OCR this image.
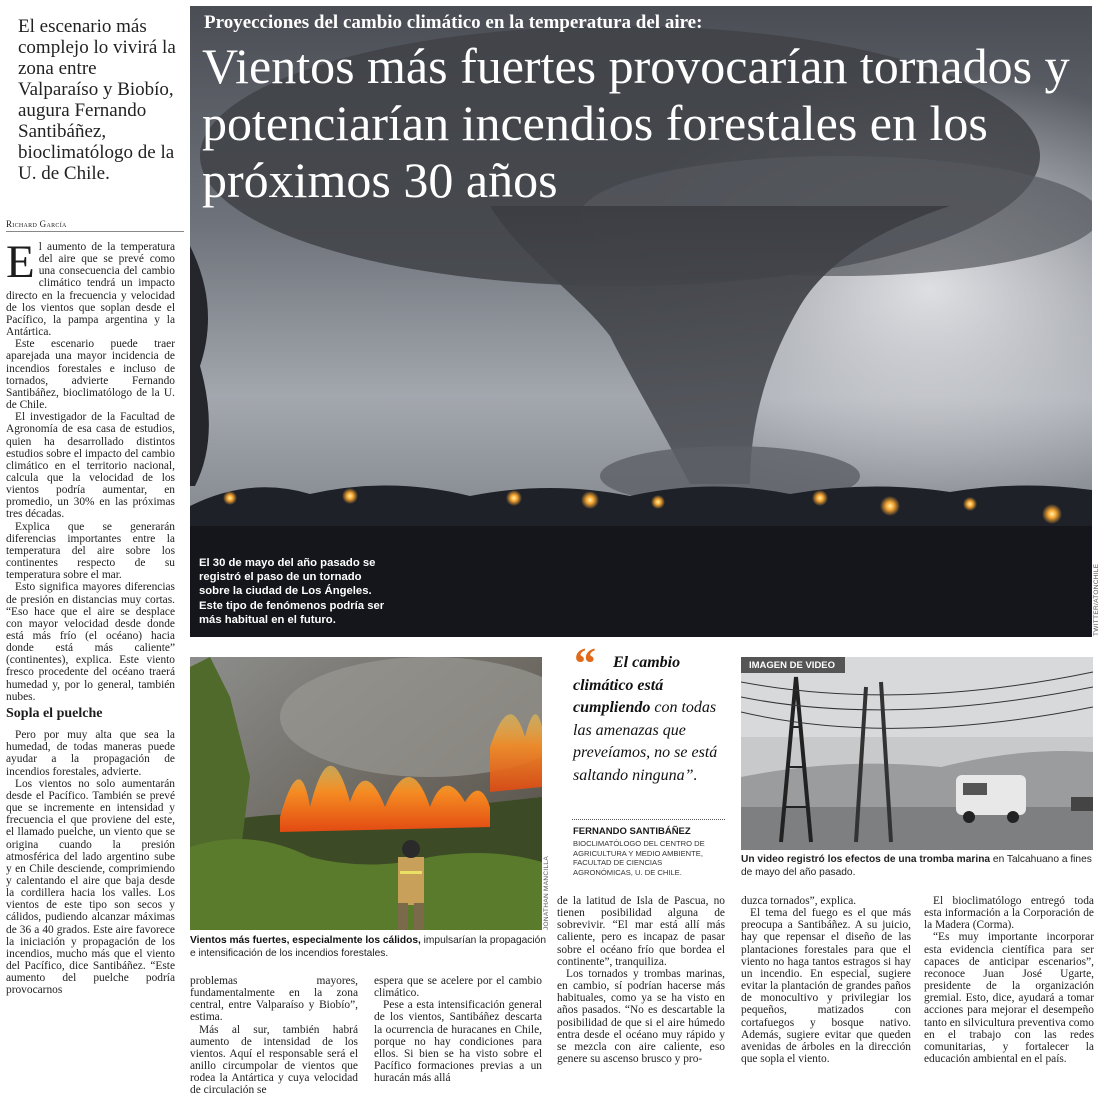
El escenario más complejo lo vivirá la zona entre Valparaíso y Biobío, augura Fernando Santibáñez, bioclimatólogo de la U. de Chile.
Richard García

El aumento de la temperatura del aire que se prevé como una consecuencia del cambio climático tendrá un impacto directo en la frecuencia y velocidad de los vientos que soplan desde el Pacífico, la pampa argentina y la Antártica.

Este escenario puede traer aparejada una mayor incidencia de incendios forestales e incluso de tornados, advierte Fernando Santibáñez, bioclimatólogo de la U. de Chile.

El investigador de la Facultad de Agronomía de esa casa de estudios, quien ha desarrollado distintos estudios sobre el impacto del cambio climático en el territorio nacional, calcula que la velocidad de los vientos podría aumentar, en promedio, un 30% en las próximas tres décadas.

Explica que se generarán diferencias importantes entre la temperatura del aire sobre los continentes respecto de su temperatura sobre el mar.

Esto significa mayores diferencias de presión en distancias muy cortas. “Eso hace que el aire se desplace con mayor velocidad desde donde está más frío (el océano) hacia donde está más caliente” (continentes), explica. Este viento fresco procedente del océano traerá humedad y, por lo general, también nubes.

Sopla el puelche

Pero por muy alta que sea la humedad, de todas maneras puede ayudar a la propagación de incendios forestales, advierte.

Los vientos no solo aumentarán desde el Pacífico. También se prevé que se incremente en intensidad y frecuencia el que proviene del este, el llamado puelche, un viento que se origina cuando la presión atmosférica del lado argentino sube y en Chile desciende, comprimiendo y calentando el aire que baja desde la cordillera hacia los valles. Los vientos de este tipo son secos y cálidos, pudiendo alcanzar máximas de 36 a 40 grados. Este aire favorece la iniciación y propagación de los incendios, mucho más que el viento del Pacífico, dice Santibáñez. “Este aumento del puelche podría provocarnos

Proyecciones del cambio climático en la temperatura del aire:
Vientos más fuertes provocarían tornados y potenciarían incendios forestales en los próximos 30 años
El 30 de mayo del año pasado se registró el paso de un tornado sobre la ciudad de Los Ángeles. Este tipo de fenómenos podría ser más habitual en el futuro.	TWITTER/ATONCHILE
JONATHAN MANCILLA
Vientos más fuertes, especialmente los cálidos, impulsarían la propagación e intensificación de los incendios forestales.
“	El cambio climático está cumpliendo con todas las amenazas que preveíamos, no se está saltando ninguna”.
FERNANDO SANTIBÁÑEZ
BIOCLIMATÓLOGO DEL CENTRO DE AGRICULTURA Y MEDIO AMBIENTE, FACULTAD DE CIENCIAS AGRONÓMICAS, U. DE CHILE.
IMAGEN DE VIDEO
Un video registró los efectos de una tromba marina en Talcahuano a fines de mayo del año pasado.

problemas mayores, fundamentalmente en la zona central, entre Valparaíso y Biobío”, estima.

Más al sur, también habrá aumento de intensidad de los vientos. Aquí el responsable será el anillo circumpolar de vientos que rodea la Antártica y cuya velocidad de circulación se

espera que se acelere por el cambio climático.

Pese a esta intensificación general de los vientos, Santibáñez descarta la ocurrencia de huracanes en Chile, porque no hay condiciones para ellos. Si bien se ha visto sobre el Pacífico formaciones previas a un huracán más allá

de la latitud de Isla de Pascua, no tienen posibilidad alguna de sobrevivir. “El mar está allí más caliente, pero es incapaz de pasar sobre el océano frío que bordea el continente”, tranquiliza.

Los tornados y trombas marinas, en cambio, sí podrían hacerse más habituales, como ya se ha visto en años pasados. “No es descartable la posibilidad de que si el aire húmedo entra desde el océano muy rápido y se mezcla con aire caliente, eso genere su ascenso brusco y pro-

duzca tornados”, explica.

El tema del fuego es el que más preocupa a Santibáñez. A su juicio, hay que repensar el diseño de las plantaciones forestales para que el viento no haga tantos estragos si hay un incendio. En especial, sugiere evitar la plantación de grandes paños de monocultivo y privilegiar los pequeños, matizados con cortafuegos y bosque nativo. Además, sugiere evitar que queden avenidas de árboles en la dirección que sopla el viento.

El bioclimatólogo entregó toda esta información a la Corporación de la Madera (Corma).

“Es muy importante incorporar esta evidencia científica para ser capaces de anticipar escenarios”, reconoce Juan José Ugarte, presidente de la organización gremial. Esto, dice, ayudará a tomar acciones para mejorar el desempeño tanto en silvicultura preventiva como en el trabajo con las redes comunitarias, y fortalecer la educación ambiental en el país.
